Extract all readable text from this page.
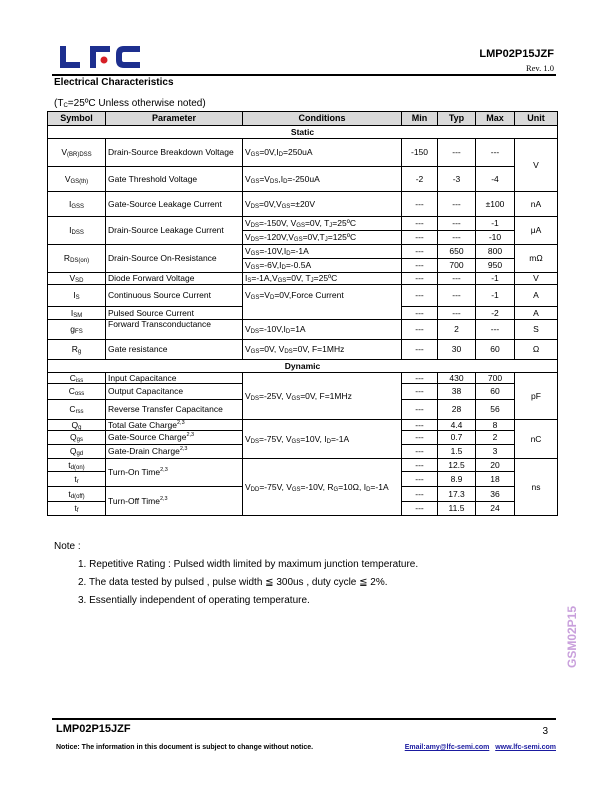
LMP02P15JZF
Rev. 1.0
Electrical Characteristics
($T_C=25ºC$ Unless otherwise noted)
Symbol	Parameter	Conditions	Min	Typ	Max	Unit
Static						
$V_{(BR)DSS}$	Drain-Source Breakdown Voltage	$V_{GS}=0V,I_D=250uA$	-150	---	---	V
$V_{GS(th)}$	Gate Threshold Voltage	$V_{GS}=V_{DS},I_D=-250uA$	-2	-3	-4	
$I_{GSS}$	Gate-Source Leakage Current	$V_{DS}=0V,V_{GS}=\pm 20V$	---	---	±100	nA
$I_{DSS}$	Drain-Source Leakage Current	$V_{DS}=-150V$, $V_{GS}=0V$, $T_J=25ºC$	---	---	-1	μA
		$V_{DS}=-120V,V_{GS}=0V,T_J=125ºC$	---	---	-10	
$R_{DS(on)}$	Drain-Source On-Resistance	$V_{GS}=-10V,I_D=-1A$	---	650	800	mΩ
		$V_{GS}=-6V,I_D=-0.5A$	---	700	950	
$V_{SD}$	Diode Forward Voltage	$I_S=-1A,V_{GS}=0V$, $T_J=25ºC$	---	---	-1	V
$I_S$	Continuous Source Current	$V_{GS}=V_D=0V,Force$ Current	---	---	-1	A
$I_{SM}$	Pulsed Source Current		---	---	-2	A
$g_{FS}$	Forward Transconductance	$V_{DS}=-10V,I_D=1A$	---	2	---	S
$R_g$	Gate resistance	$V_{GS}=0V$, $V_{DS}=0V$, F=1MHz	---	30	60	Ω
Dynamic						
$C_{iss}$	Input Capacitance	$V_{DS}=-25V$, $V_{GS}=0V$, F=1MHz	---	430	700	pF
$C_{oss}$	Output Capacitance		---	38	60	
$C_{rss}$	Reverse Transfer Capacitance		---	28	56	
$Q_g$	Total Gate Charge$^{2,3}$	$V_{DS}=-75V$, $V_{GS}=10V$, $I_D=-1A$	---	4.4	8	nC
$Q_{gs}$	Gate-Source Charge$^{2,3}$		---	0.7	2	
$Q_{gd}$	Gate-Drain Charge$^{2,3}$		---	1.5	3	
$t_{d(on)}$	Turn-On Time$^{2,3}$	$V_{DD}=-75V$, $V_{GS}=-10V$, $R_G=10\Omega$, $I_D=-1A$	---	12.5	20	ns
$t_r$			---	8.9	18	
$t_{d(off)}$	Turn-Off Time$^{2,3}$		---	17.3	36	
$t_f$			---	11.5	24	
Note :
1. Repetitive Rating : Pulsed width limited by maximum junction temperature.
2. The data tested by pulsed , pulse width ≦ 300us , duty cycle ≦ 2%.
3. Essentially independent of operating temperature.
GSM02P15
LMP02P15JZF	3
Notice: The information in this document is subject to change without notice.	Email:amy@lfc-semi.com www.lfc-semi.com
